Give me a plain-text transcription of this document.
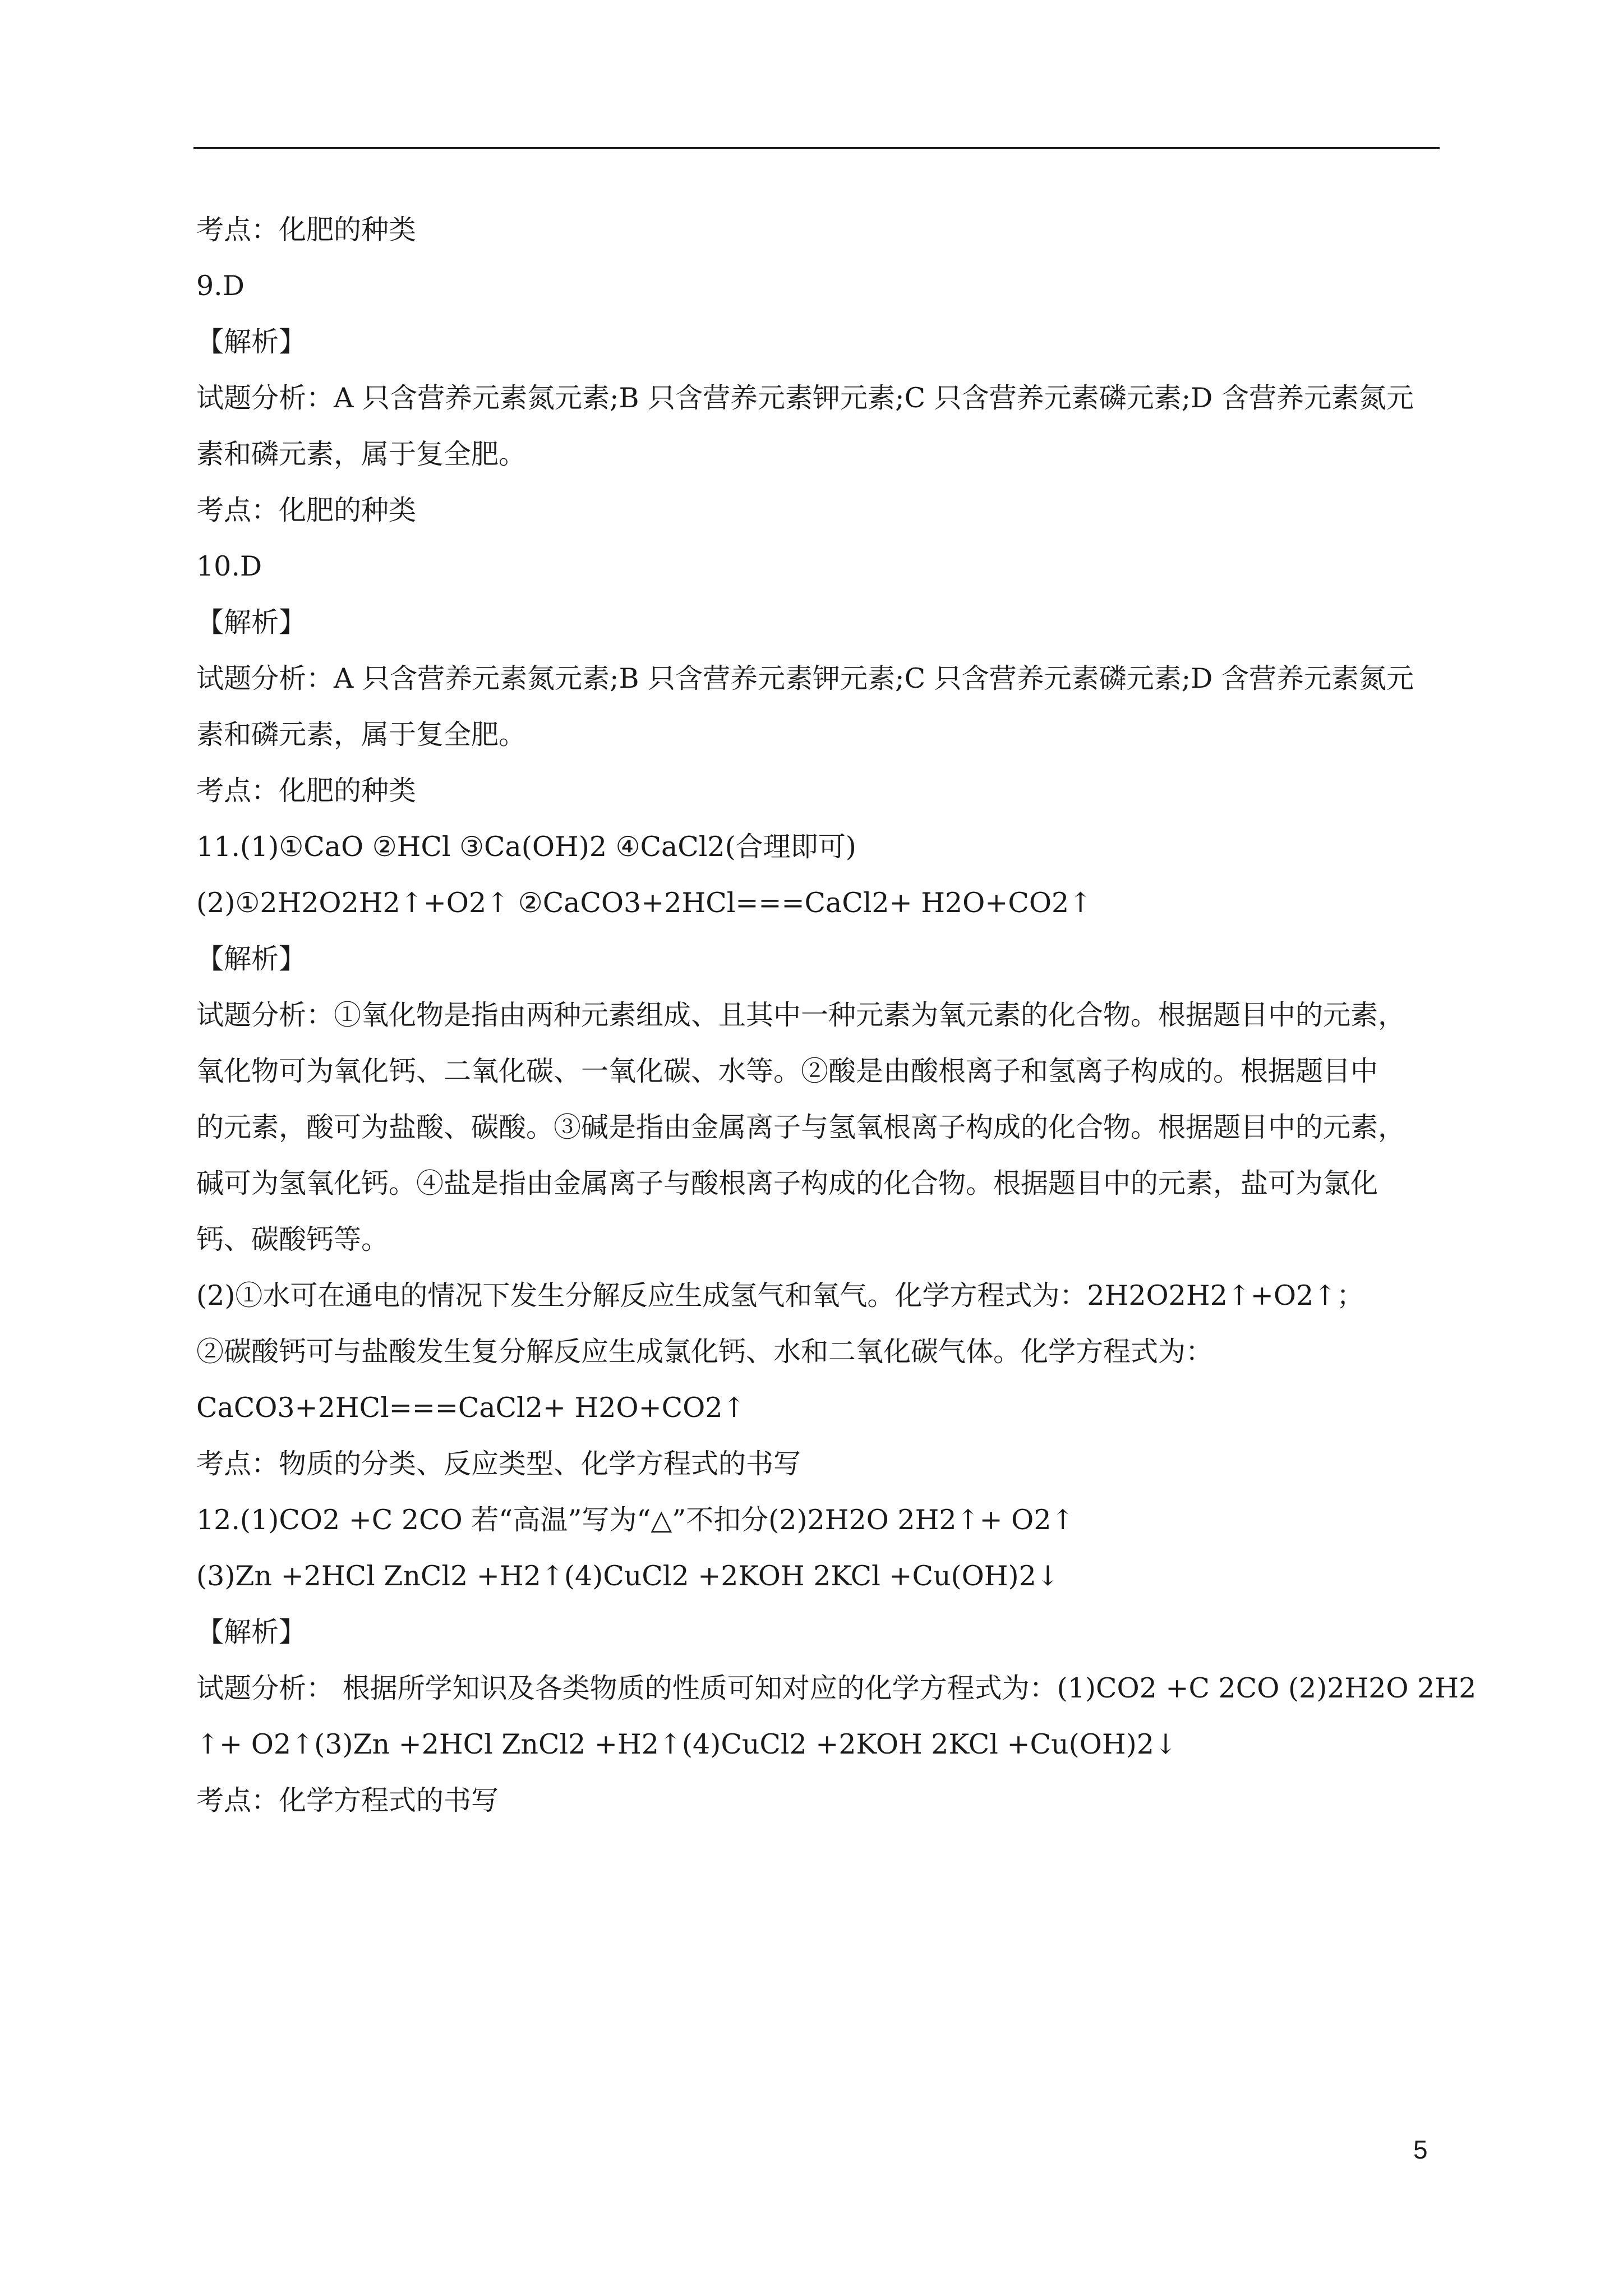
考点：化肥的种类
9.D
【解析】
试题分析：A 只含营养元素氮元素;B 只含营养元素钾元素;C 只含营养元素磷元素;D 含营养元素氮元
素和磷元素，属于复全肥。
考点：化肥的种类
10.D
【解析】
试题分析：A 只含营养元素氮元素;B 只含营养元素钾元素;C 只含营养元素磷元素;D 含营养元素氮元
素和磷元素，属于复全肥。
考点：化肥的种类
11.(1)①CaO ②HCl ③Ca(OH)2 ④CaCl2(合理即可)
(2)①2H2O2H2↑+O2↑ ②CaCO3+2HCl===CaCl2+ H2O+CO2↑
【解析】
试题分析：①氧化物是指由两种元素组成、且其中一种元素为氧元素的化合物。根据题目中的元素，
氧化物可为氧化钙、二氧化碳、一氧化碳、水等。②酸是由酸根离子和氢离子构成的。根据题目中
的元素，酸可为盐酸、碳酸。③碱是指由金属离子与氢氧根离子构成的化合物。根据题目中的元素，
碱可为氢氧化钙。④盐是指由金属离子与酸根离子构成的化合物。根据题目中的元素，盐可为氯化
钙、碳酸钙等。
(2)①水可在通电的情况下发生分解反应生成氢气和氧气。化学方程式为：2H2O2H2↑+O2↑；
②碳酸钙可与盐酸发生复分解反应生成氯化钙、水和二氧化碳气体。化学方程式为：
CaCO3+2HCl===CaCl2+ H2O+CO2↑
考点：物质的分类、反应类型、化学方程式的书写
12.(1)CO2 +C 2CO 若“高温”写为“△”不扣分(2)2H2O 2H2↑+ O2↑
(3)Zn +2HCl ZnCl2 +H2↑(4)CuCl2 +2KOH 2KCl +Cu(OH)2↓
【解析】
试题分析： 根据所学知识及各类物质的性质可知对应的化学方程式为：(1)CO2 +C 2CO (2)2H2O 2H2
↑+ O2↑(3)Zn +2HCl ZnCl2 +H2↑(4)CuCl2 +2KOH 2KCl +Cu(OH)2↓
考点：化学方程式的书写
5
